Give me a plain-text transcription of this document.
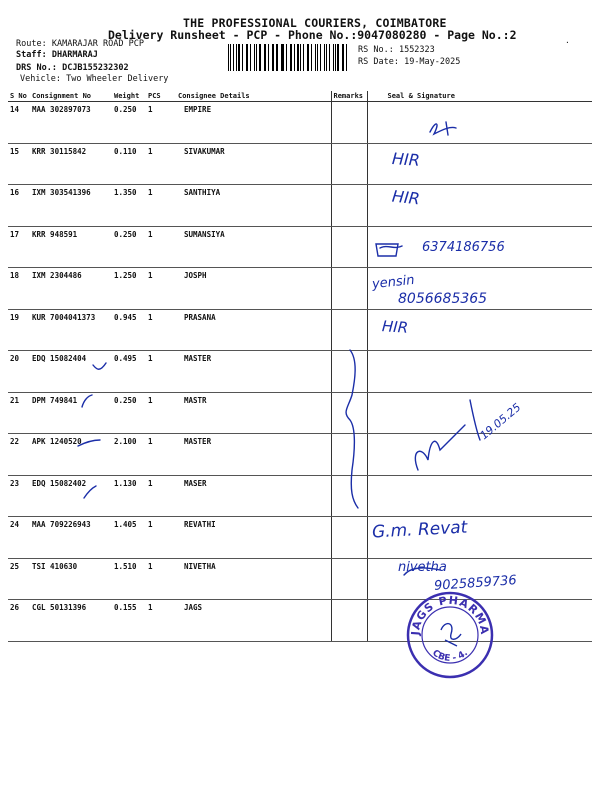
THE PROFESSIONAL COURIERS, COIMBATORE
Delivery Runsheet - PCP - Phone No.:9047080280 - Page No.:2
Route: KAMARAJAR ROAD PCP
Staff: DHARMARAJ
DRS No.: DCJB155232302
Vehicle: Two Wheeler Delivery
RS No.: 1552323
RS Date: 19-May-2025
·
S No	Consignment No	Weight	PCS	Consignee Details	Remarks	Seal & Signature
14	MAA 302897073	0.250	1	EMPIRE		
15	KRR 30115842	0.110	1	SIVAKUMAR		
16	IXM 303541396	1.350	1	SANTHIYA		
17	KRR 948591	0.250	1	SUMANSIYA		
18	IXM 2304486	1.250	1	JOSPH		
19	KUR 7004041373	0.945	1	PRASANA		
20	EDQ 15082404	0.495	1	MASTER		
21	DPM 749841	0.250	1	MASTR		
22	APK 1240520	2.100	1	MASTER		
23	EDQ 15082402	1.130	1	MASER		
24	MAA 709226943	1.405	1	REVATHI		
25	TSI 410630	1.510	1	NIVETHA		
26	CGL 50131396	0.155	1	JAGS		
HIR
HIR
6374186756
yensin
8056685365
HIR
19.05.25
G.m. Revat
nivetha
9025859736
JAGS PHARMA
CBE - 4.
